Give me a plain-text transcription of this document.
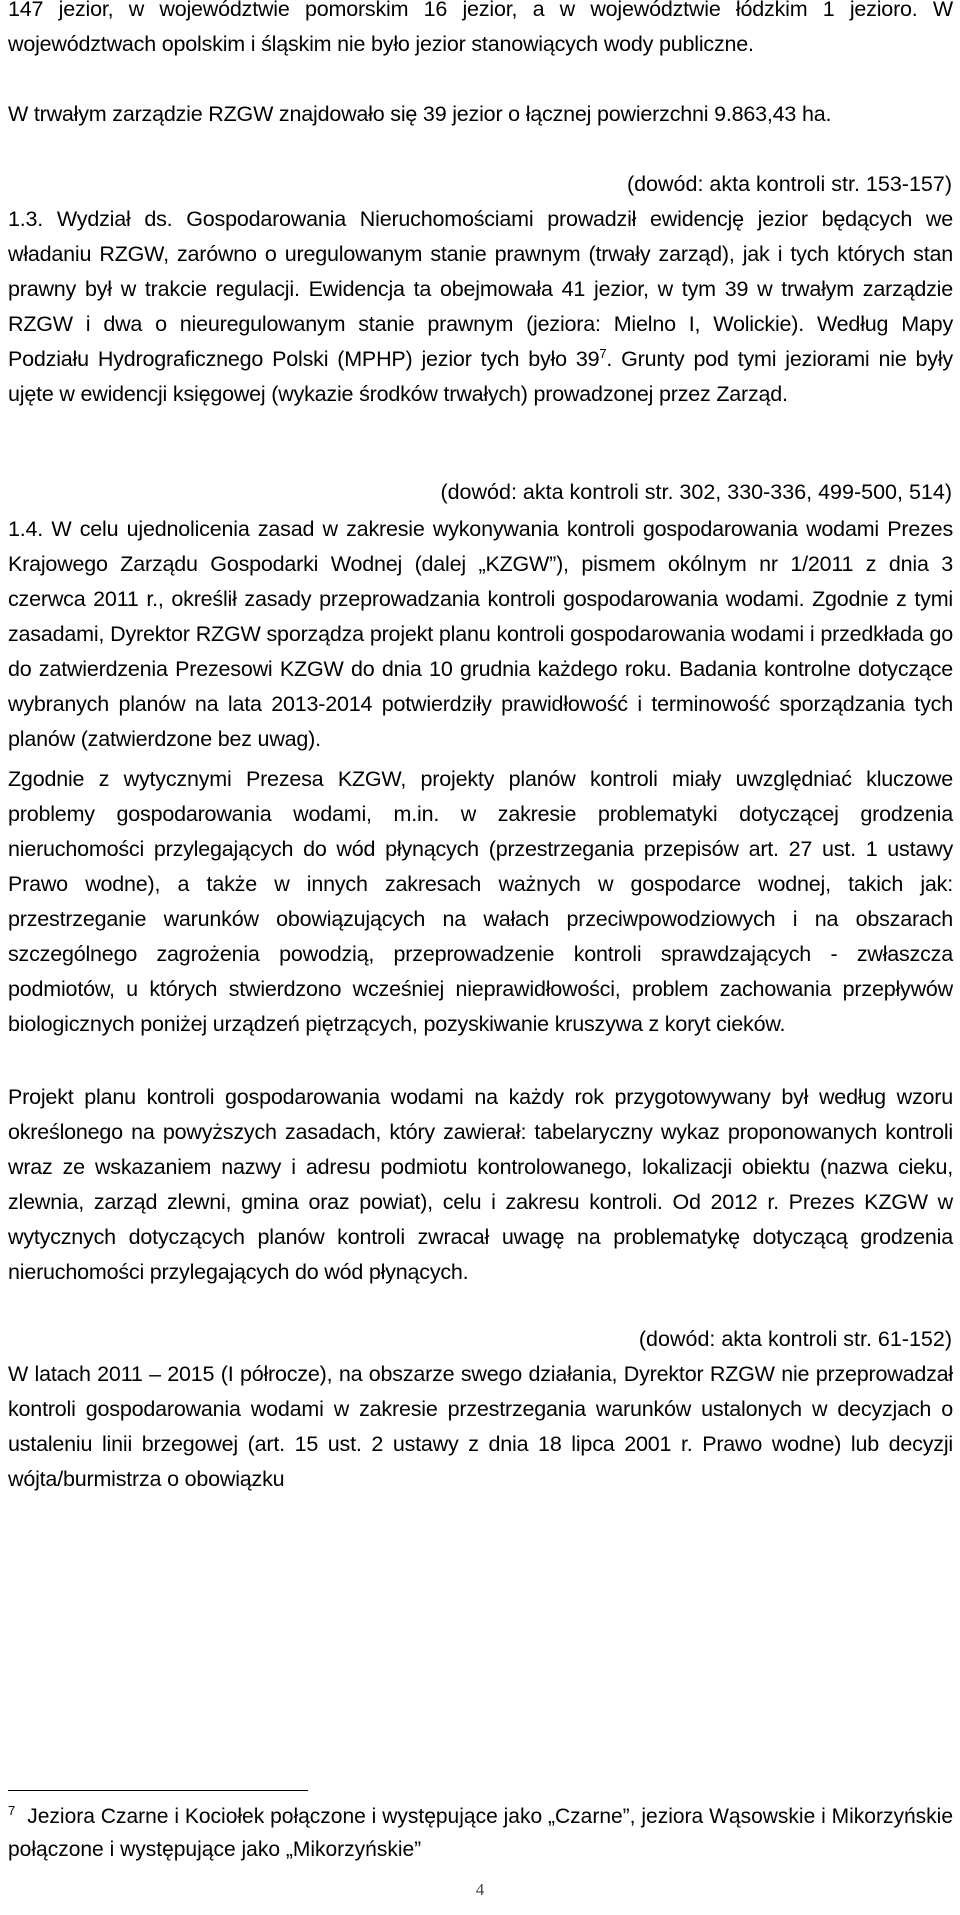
147 jezior, w województwie pomorskim 16 jezior, a w województwie łódzkim 1 jezioro. W województwach opolskim i śląskim nie było jezior stanowiących wody publiczne.

W trwałym zarządzie RZGW znajdowało się 39 jezior o łącznej powierzchni 9.863,43 ha.

(dowód: akta kontroli str. 153-157)

1.3. Wydział ds. Gospodarowania Nieruchomościami prowadził ewidencję jezior będących we władaniu RZGW, zarówno o uregulowanym stanie prawnym (trwały zarząd), jak i tych których stan prawny był w trakcie regulacji. Ewidencja ta obejmowała 41 jezior, w tym 39 w trwałym zarządzie RZGW i dwa o nieuregulowanym stanie prawnym (jeziora: Mielno I, Wolickie). Według Mapy Podziału Hydrograficznego Polski (MPHP) jezior tych było $39^7$. Grunty pod tymi jeziorami nie były ujęte w ewidencji księgowej (wykazie środków trwałych) prowadzonej przez Zarząd.

(dowód: akta kontroli str. 302, 330-336, 499-500, 514)

1.4. W celu ujednolicenia zasad w zakresie wykonywania kontroli gospodarowania wodami Prezes Krajowego Zarządu Gospodarki Wodnej (dalej „KZGW”), pismem okólnym nr 1/2011 z dnia 3 czerwca 2011 r., określił zasady przeprowadzania kontroli gospodarowania wodami. Zgodnie z tymi zasadami, Dyrektor RZGW sporządza projekt planu kontroli gospodarowania wodami i przedkłada go do zatwierdzenia Prezesowi KZGW do dnia 10 grudnia każdego roku. Badania kontrolne dotyczące wybranych planów na lata 2013-2014 potwierdziły prawidłowość i terminowość sporządzania tych planów (zatwierdzone bez uwag).

Zgodnie z wytycznymi Prezesa KZGW, projekty planów kontroli miały uwzględniać kluczowe problemy gospodarowania wodami, m.in. w zakresie problematyki dotyczącej grodzenia nieruchomości przylegających do wód płynących (przestrzegania przepisów art. 27 ust. 1 ustawy Prawo wodne), a także w innych zakresach ważnych w gospodarce wodnej, takich jak: przestrzeganie warunków obowiązujących na wałach przeciwpowodziowych i na obszarach szczególnego zagrożenia powodzią, przeprowadzenie kontroli sprawdzających - zwłaszcza podmiotów, u których stwierdzono wcześniej nieprawidłowości, problem zachowania przepływów biologicznych poniżej urządzeń piętrzących, pozyskiwanie kruszywa z koryt cieków.

Projekt planu kontroli gospodarowania wodami na każdy rok przygotowywany był według wzoru określonego na powyższych zasadach, który zawierał: tabelaryczny wykaz proponowanych kontroli wraz ze wskazaniem nazwy i adresu podmiotu kontrolowanego, lokalizacji obiektu (nazwa cieku, zlewnia, zarząd zlewni, gmina oraz powiat), celu i zakresu kontroli. Od 2012 r. Prezes KZGW w wytycznych dotyczących planów kontroli zwracał uwagę na problematykę dotyczącą grodzenia nieruchomości przylegających do wód płynących.

(dowód: akta kontroli str. 61-152)

W latach 2011 – 2015 (I półrocze), na obszarze swego działania, Dyrektor RZGW nie przeprowadzał kontroli gospodarowania wodami w zakresie przestrzegania warunków ustalonych w decyzjach o ustaleniu linii brzegowej (art. 15 ust. 2 ustawy z dnia 18 lipca 2001 r. Prawo wodne) lub decyzji wójta/burmistrza o obowiązku

$^7$ Jeziora Czarne i Kociołek połączone i występujące jako „Czarne”, jeziora Wąsowskie i Mikorzyńskie połączone i występujące jako „Mikorzyńskie”

4
